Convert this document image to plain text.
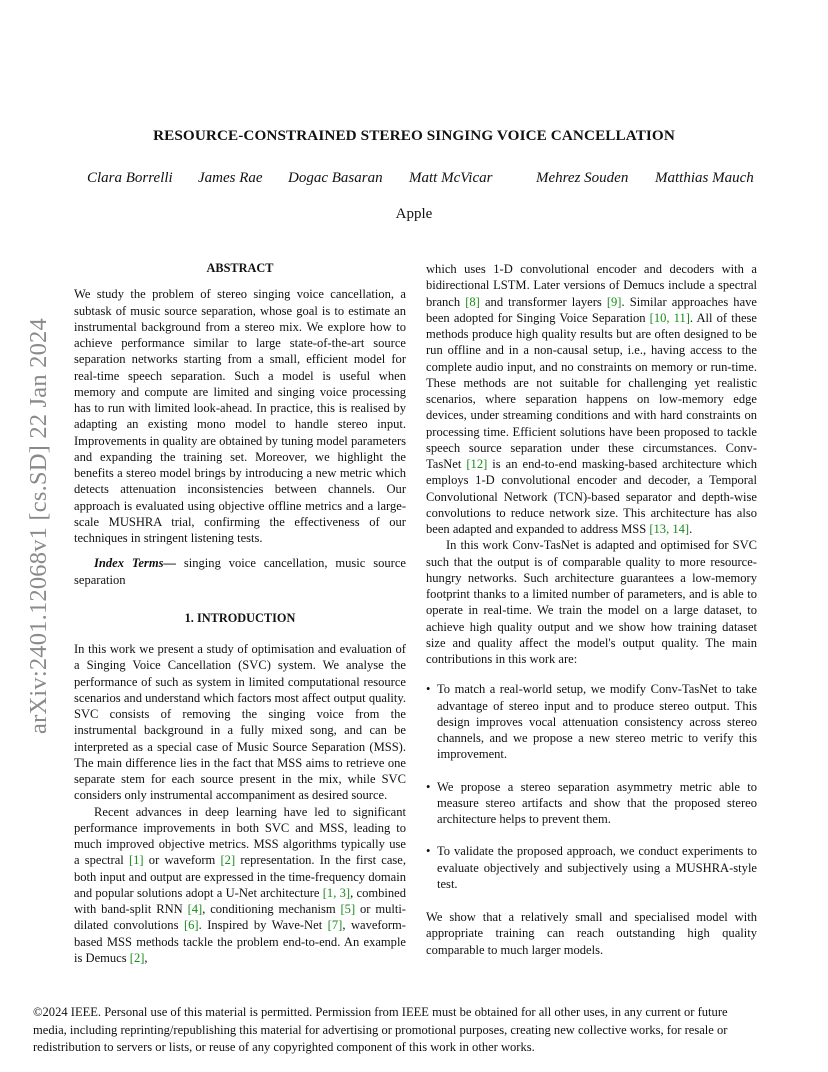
arXiv:2401.12068v1 [cs.SD] 22 Jan 2024
RESOURCE-CONSTRAINED STEREO SINGING VOICE CANCELLATION
Clara Borrelli James Rae Dogac Basaran Matt McVicar	Mehrez Souden Matthias Mauch
Apple
ABSTRACT

We study the problem of stereo singing voice cancellation, a subtask of music source separation, whose goal is to estimate an instrumental background from a stereo mix. We explore how to achieve performance similar to large state-of-the-art source separation networks starting from a small, efficient model for real-time speech separation. Such a model is useful when memory and compute are limited and singing voice processing has to run with limited look-ahead. In practice, this is realised by adapting an existing mono model to handle stereo input. Improvements in quality are obtained by tuning model parameters and expanding the training set. Moreover, we highlight the benefits a stereo model brings by introducing a new metric which detects attenuation inconsistencies between channels. Our approach is evaluated using objective offline metrics and a large-scale MUSHRA trial, confirming the effectiveness of our techniques in stringent listening tests.

Index Terms— singing voice cancellation, music source separation

1. INTRODUCTION

In this work we present a study of optimisation and evaluation of a Singing Voice Cancellation (SVC) system. We analyse the performance of such as system in limited computational resource scenarios and understand which factors most affect output quality. SVC consists of removing the singing voice from the instrumental background in a fully mixed song, and can be interpreted as a special case of Music Source Separation (MSS). The main difference lies in the fact that MSS aims to retrieve one separate stem for each source present in the mix, while SVC considers only instrumental accompaniment as desired source.

Recent advances in deep learning have led to significant performance improvements in both SVC and MSS, leading to much improved objective metrics. MSS algorithms typically use a spectral [1] or waveform [2] representation. In the first case, both input and output are expressed in the time-frequency domain and popular solutions adopt a U-Net architecture [1, 3], combined with band-split RNN [4], conditioning mechanism [5] or multi-dilated convolutions [6]. Inspired by Wave-Net [7], waveform-based MSS methods tackle the problem end-to-end. An example is Demucs [2],

which uses 1-D convolutional encoder and decoders with a bidirectional LSTM. Later versions of Demucs include a spectral branch [8] and transformer layers [9]. Similar approaches have been adopted for Singing Voice Separation [10, 11]. All of these methods produce high quality results but are often designed to be run offline and in a non-causal setup, i.e., having access to the complete audio input, and no constraints on memory or run-time. These methods are not suitable for challenging yet realistic scenarios, where separation happens on low-memory edge devices, under streaming conditions and with hard constraints on processing time. Efficient solutions have been proposed to tackle speech source separation under these circumstances. Conv-TasNet [12] is an end-to-end masking-based architecture which employs 1-D convolutional encoder and decoder, a Temporal Convolutional Network (TCN)-based separator and depth-wise convolutions to reduce network size. This architecture has also been adapted and expanded to address MSS [13, 14].

In this work Conv-TasNet is adapted and optimised for SVC such that the output is of comparable quality to more resource-hungry networks. Such architecture guarantees a low-memory footprint thanks to a limited number of parameters, and is able to operate in real-time. We train the model on a large dataset, to achieve high quality output and we show how training dataset size and quality affect the model's output quality. The main contributions in this work are:

• To match a real-world setup, we modify Conv-TasNet to take advantage of stereo input and to produce stereo output. This design improves vocal attenuation consistency across stereo channels, and we propose a new stereo metric to verify this improvement.
• We propose a stereo separation asymmetry metric able to measure stereo artifacts and show that the proposed stereo architecture helps to prevent them.
• To validate the proposed approach, we conduct experiments to evaluate objectively and subjectively using a MUSHRA-style test.

We show that a relatively small and specialised model with appropriate training can reach outstanding high quality comparable to much larger models.

©2024 IEEE. Personal use of this material is permitted. Permission from IEEE must be obtained for all other uses, in any current or future media, including reprinting/republishing this material for advertising or promotional purposes, creating new collective works, for resale or redistribution to servers or lists, or reuse of any copyrighted component of this work in other works.
